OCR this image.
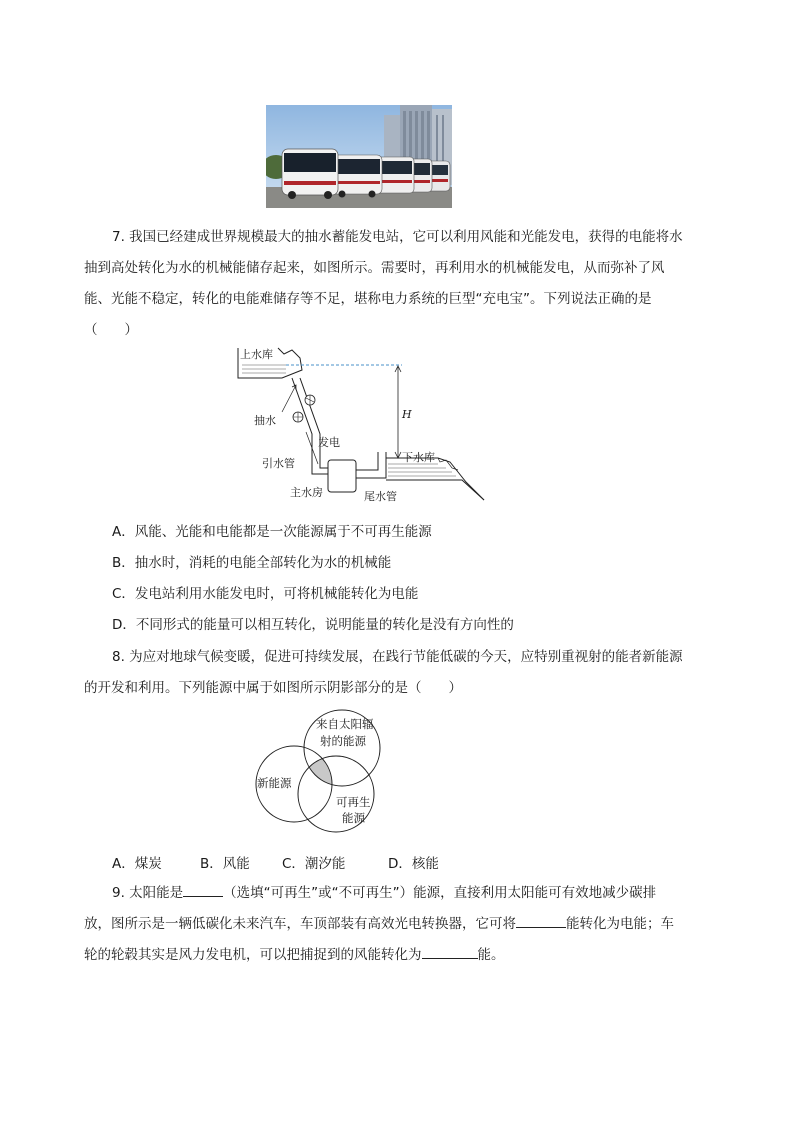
7. 我国已经建成世界规模最大的抽水蓄能发电站，它可以利用风能和光能发电，获得的电能将水
抽到高处转化为水的机械能储存起来，如图所示。需要时，再利用水的机械能发电，从而弥补了风
能、光能不稳定，转化的电能难储存等不足，堪称电力系统的巨型“充电宝”。下列说法正确的是
（　　）
上水库
H
抽水
发电
引水管
主水房	尾水管
下水库
A．风能、光能和电能都是一次能源属于不可再生能源
B．抽水时，消耗的电能全部转化为水的机械能
C．发电站利用水能发电时，可将机械能转化为电能
D．不同形式的能量可以相互转化，说明能量的转化是没有方向性的
8. 为应对地球气候变暖，促进可持续发展，在践行节能低碳的今天，应特别重视射的能者新能源
的开发和利用。下列能源中属于如图所示阴影部分的是（　　）
来自太阳辐
射的能源
新能源
可再生
能源
A．煤炭	B．风能 C．潮汐能	D．核能
9. 太阳能是	（选填“可再生”或“不可再生”）能源，直接利用太阳能可有效地减少碳排
放，图所示是一辆低碳化未来汽车，车顶部装有高效光电转换器，它可将	能转化为电能；车
轮的轮毂其实是风力发电机，可以把捕捉到的风能转化为	能。
